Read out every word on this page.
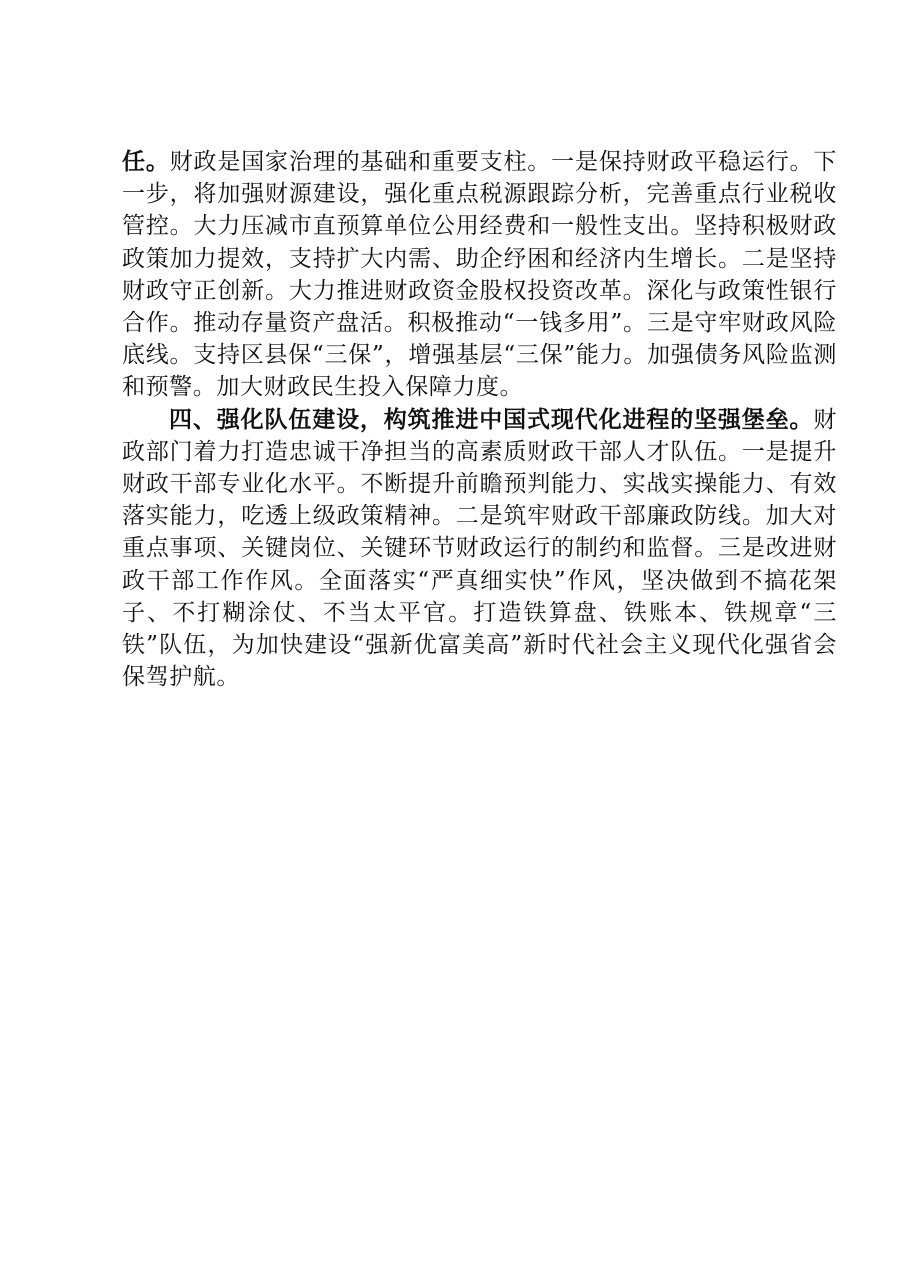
任。财政是国家治理的基础和重要支柱。一是保持财政平稳运行。下一步，将加强财源建设，强化重点税源跟踪分析，完善重点行业税收管控。大力压减市直预算单位公用经费和一般性支出。坚持积极财政政策加力提效，支持扩大内需、助企纾困和经济内生增长。二是坚持财政守正创新。大力推进财政资金股权投资改革。深化与政策性银行合作。推动存量资产盘活。积极推动“一钱多用”。三是守牢财政风险底线。支持区县保“三保”，增强基层“三保”能力。加强债务风险监测和预警。加大财政民生投入保障力度。

四、强化队伍建设，构筑推进中国式现代化进程的坚强堡垒。财政部门着力打造忠诚干净担当的高素质财政干部人才队伍。一是提升财政干部专业化水平。不断提升前瞻预判能力、实战实操能力、有效落实能力，吃透上级政策精神。二是筑牢财政干部廉政防线。加大对重点事项、关键岗位、关键环节财政运行的制约和监督。三是改进财政干部工作作风。全面落实“严真细实快”作风，坚决做到不搞花架子、不打糊涂仗、不当太平官。打造铁算盘、铁账本、铁规章“三铁”队伍，为加快建设“强新优富美高”新时代社会主义现代化强省会保驾护航。
